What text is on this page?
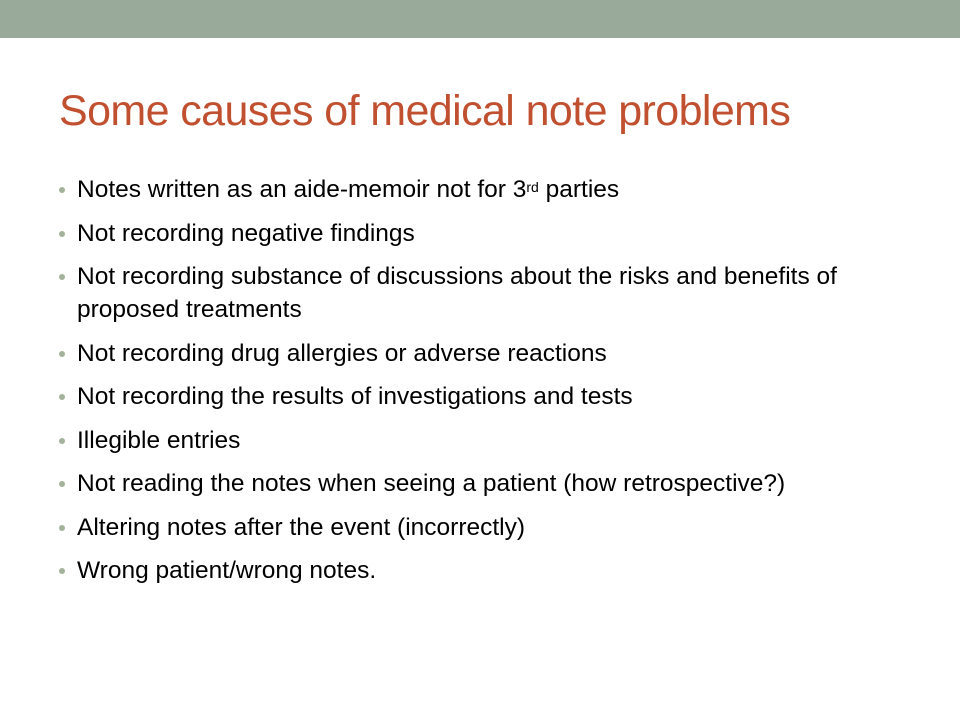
Some causes of medical note problems
Notes written as an aide-memoir not for 3rd parties
Not recording negative findings
Not recording substance of discussions about the risks and benefits of proposed treatments
Not recording drug allergies or adverse reactions
Not recording the results of investigations and tests
Illegible entries
Not reading the notes when seeing a patient (how retrospective?)
Altering notes after the event (incorrectly)
Wrong patient/wrong notes.
